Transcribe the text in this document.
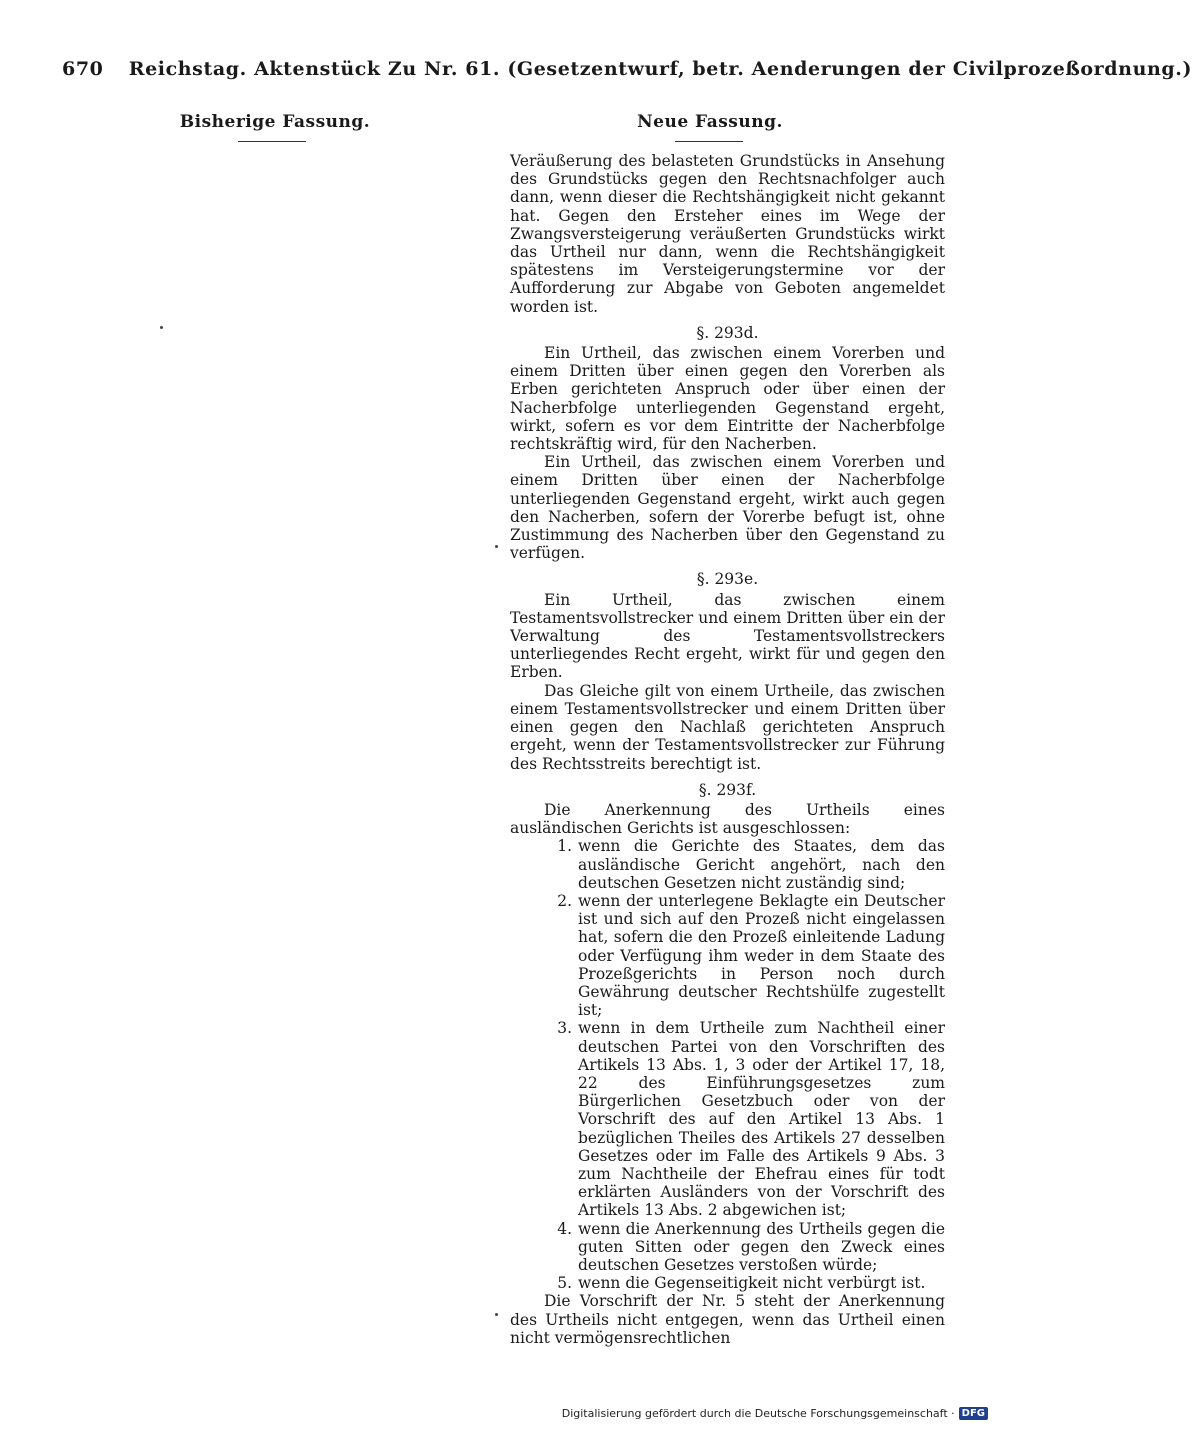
670 Reichstag. Aktenstück Zu Nr. 61. (Gesetzentwurf, betr. Aenderungen der Civilprozeßordnung.)
Bisherige Fassung.	Neue Fassung.

Veräußerung des belasteten Grundstücks in Ansehung des Grundstücks gegen den Rechtsnachfolger auch dann, wenn dieser die Rechtshängigkeit nicht gekannt hat. Gegen den Ersteher eines im Wege der Zwangsversteigerung veräußerten Grundstücks wirkt das Urtheil nur dann, wenn die Rechtshängigkeit spätestens im Versteigerungstermine vor der Aufforderung zur Abgabe von Geboten angemeldet worden ist.

§. 293d.

Ein Urtheil, das zwischen einem Vorerben und einem Dritten über einen gegen den Vorerben als Erben gerichteten Anspruch oder über einen der Nacherbfolge unterliegenden Gegenstand ergeht, wirkt, sofern es vor dem Eintritte der Nacherbfolge rechtskräftig wird, für den Nacherben.

Ein Urtheil, das zwischen einem Vorerben und einem Dritten über einen der Nacherbfolge unterliegenden Gegenstand ergeht, wirkt auch gegen den Nacherben, sofern der Vorerbe befugt ist, ohne Zustimmung des Nacherben über den Gegenstand zu verfügen.

§. 293e.

Ein Urtheil, das zwischen einem Testamentsvollstrecker und einem Dritten über ein der Verwaltung des Testamentsvollstreckers unterliegendes Recht ergeht, wirkt für und gegen den Erben.

Das Gleiche gilt von einem Urtheile, das zwischen einem Testamentsvollstrecker und einem Dritten über einen gegen den Nachlaß gerichteten Anspruch ergeht, wenn der Testamentsvollstrecker zur Führung des Rechtsstreits berechtigt ist.

§. 293f.

Die Anerkennung des Urtheils eines ausländischen Gerichts ist ausgeschlossen:

1. wenn die Gerichte des Staates, dem das ausländische Gericht angehört, nach den deutschen Gesetzen nicht zuständig sind;
2. wenn der unterlegene Beklagte ein Deutscher ist und sich auf den Prozeß nicht eingelassen hat, sofern die den Prozeß einleitende Ladung oder Verfügung ihm weder in dem Staate des Prozeßgerichts in Person noch durch Gewährung deutscher Rechtshülfe zugestellt ist;
3. wenn in dem Urtheile zum Nachtheil einer deutschen Partei von den Vorschriften des Artikels 13 Abs. 1, 3 oder der Artikel 17, 18, 22 des Einführungsgesetzes zum Bürgerlichen Gesetzbuch oder von der Vorschrift des auf den Artikel 13 Abs. 1 bezüglichen Theiles des Artikels 27 desselben Gesetzes oder im Falle des Artikels 9 Abs. 3 zum Nachtheile der Ehefrau eines für todt erklärten Ausländers von der Vorschrift des Artikels 13 Abs. 2 abgewichen ist;
4. wenn die Anerkennung des Urtheils gegen die guten Sitten oder gegen den Zweck eines deutschen Gesetzes verstoßen würde;
5. wenn die Gegenseitigkeit nicht verbürgt ist.

Die Vorschrift der Nr. 5 steht der Anerkennung des Urtheils nicht entgegen, wenn das Urtheil einen nicht vermögensrechtlichen

Digitalisierung gefördert durch die Deutsche Forschungsgemeinschaft · DFG
